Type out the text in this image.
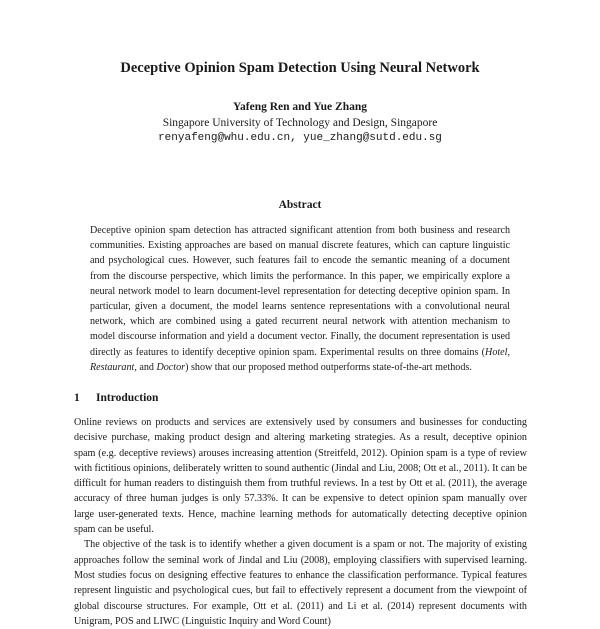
Deceptive Opinion Spam Detection Using Neural Network
Yafeng Ren and Yue Zhang
Singapore University of Technology and Design, Singapore
renyafeng@whu.edu.cn, yue_zhang@sutd.edu.sg
Abstract
Deceptive opinion spam detection has attracted significant attention from both business and research communities. Existing approaches are based on manual discrete features, which can capture linguistic and psychological cues. However, such features fail to encode the semantic meaning of a document from the discourse perspective, which limits the performance. In this paper, we empirically explore a neural network model to learn document-level representation for detecting deceptive opinion spam. In particular, given a document, the model learns sentence representations with a convolutional neural network, which are combined using a gated recurrent neural network with attention mechanism to model discourse information and yield a document vector. Finally, the document representation is used directly as features to identify deceptive opinion spam. Experimental results on three domains (Hotel, Restaurant, and Doctor) show that our proposed method outperforms state-of-the-art methods.
1 Introduction

Online reviews on products and services are extensively used by consumers and businesses for conducting decisive purchase, making product design and altering marketing strategies. As a result, deceptive opinion spam (e.g. deceptive reviews) arouses increasing attention (Streitfeld, 2012). Opinion spam is a type of review with fictitious opinions, deliberately written to sound authentic (Jindal and Liu, 2008; Ott et al., 2011). It can be difficult for human readers to distinguish them from truthful reviews. In a test by Ott et al. (2011), the average accuracy of three human judges is only 57.33%. It can be expensive to detect opinion spam manually over large user-generated texts. Hence, machine learning methods for automatically detecting deceptive opinion spam can be useful.

The objective of the task is to identify whether a given document is a spam or not. The majority of existing approaches follow the seminal work of Jindal and Liu (2008), employing classifiers with supervised learning. Most studies focus on designing effective features to enhance the classification performance. Typical features represent linguistic and psychological cues, but fail to effectively represent a document from the viewpoint of global discourse structures. For example, Ott et al. (2011) and Li et al. (2014) represent documents with Unigram, POS and LIWC (Linguistic Inquiry and Word Count)
